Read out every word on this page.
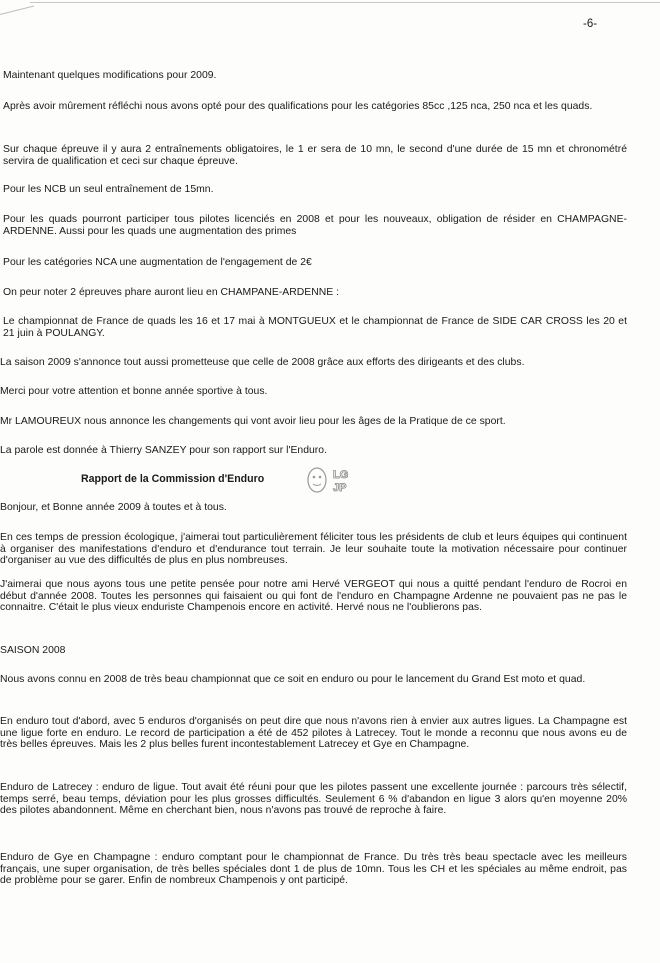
-6-

Maintenant quelques modifications pour 2009.

Après avoir mûrement réfléchi nous avons opté pour des qualifications pour les catégories 85cc ,125 nca, 250 nca et les quads.

Sur chaque épreuve il y aura 2 entraînements obligatoires, le 1 er sera de 10 mn, le second d'une durée de 15 mn et chronométré servira de qualification et ceci sur chaque épreuve.

Pour les NCB un seul entraînement de 15mn.

Pour les quads pourront participer tous pilotes licenciés en 2008 et pour les nouveaux, obligation de résider en CHAMPAGNE-ARDENNE. Aussi pour les quads une augmentation des primes

Pour les catégories NCA une augmentation de l'engagement de 2€

On peur noter 2 épreuves phare auront lieu en CHAMPANE-ARDENNE :

Le championnat de France de quads les 16 et 17 mai à MONTGUEUX et le championnat de France de SIDE CAR CROSS les 20 et 21 juin à POULANGY.

La saison 2009 s'annonce tout aussi prometteuse que celle de 2008 grâce aux efforts des dirigeants et des clubs.

Merci pour votre attention et bonne année sportive à tous.

Mr LAMOUREUX nous annonce les changements qui vont avoir lieu pour les âges de la Pratique de ce sport.

La parole est donnée à Thierry SANZEY pour son rapport sur l'Enduro.

Rapport de la Commission d'Enduro	LG
JP

Bonjour, et Bonne année 2009 à toutes et à tous.

En ces temps de pression écologique, j'aimerai tout particulièrement féliciter tous les présidents de club et leurs équipes qui continuent à organiser des manifestations d'enduro et d'endurance tout terrain. Je leur souhaite toute la motivation nécessaire pour continuer d'organiser au vue des difficultés de plus en plus nombreuses.

J'aimerai que nous ayons tous une petite pensée pour notre ami Hervé VERGEOT qui nous a quitté pendant l'enduro de Rocroi en début d'année 2008. Toutes les personnes qui faisaient ou qui font de l'enduro en Champagne Ardenne ne pouvaient pas ne pas le connaitre. C'était le plus vieux enduriste Champenois encore en activité. Hervé nous ne l'oublierons pas.

SAISON 2008

Nous avons connu en 2008 de très beau championnat que ce soit en enduro ou pour le lancement du Grand Est moto et quad.

En enduro tout d'abord, avec 5 enduros d'organisés on peut dire que nous n'avons rien à envier aux autres ligues. La Champagne est une ligue forte en enduro. Le record de participation a été de 452 pilotes à Latrecey. Tout le monde a reconnu que nous avons eu de très belles épreuves. Mais les 2 plus belles furent incontestablement Latrecey et Gye en Champagne.

Enduro de Latrecey : enduro de ligue. Tout avait été réuni pour que les pilotes passent une excellente journée : parcours très sélectif, temps serré, beau temps, déviation pour les plus grosses difficultés. Seulement 6 % d'abandon en ligue 3 alors qu'en moyenne 20% des pilotes abandonnent. Même en cherchant bien, nous n'avons pas trouvé de reproche à faire.

Enduro de Gye en Champagne : enduro comptant pour le championnat de France. Du très très beau spectacle avec les meilleurs français, une super organisation, de très belles spéciales dont 1 de plus de 10mn. Tous les CH et les spéciales au même endroit, pas de problème pour se garer. Enfin de nombreux Champenois y ont participé.
